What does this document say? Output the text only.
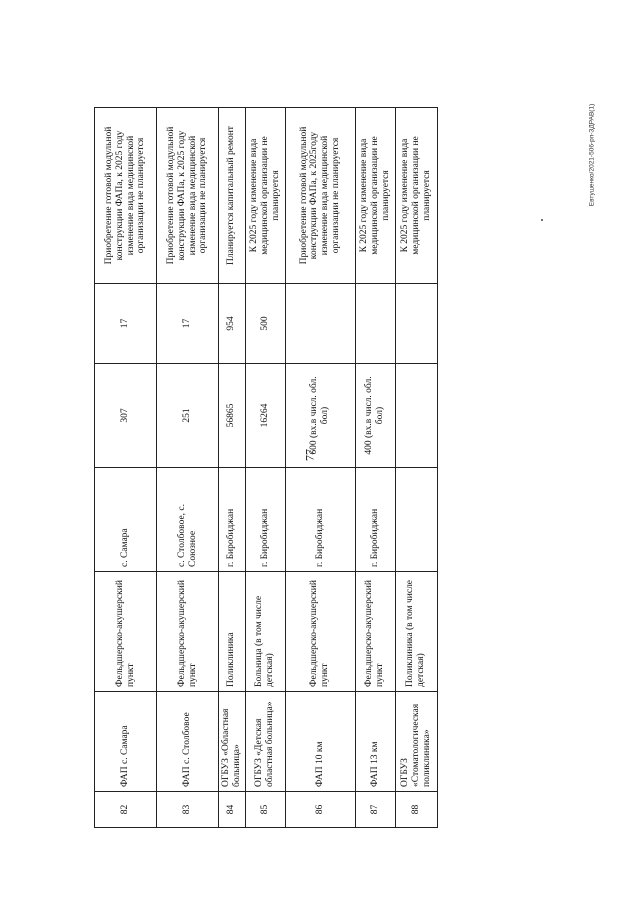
77
Евтушенко/2021-506-рп-ЗДРАВ(1)
82	ФАП с. Самара	Фельдшерско-акушерский пункт	с. Самара	307	17	Приобретение готовой модульной конструкции ФАПа, к 2025 году изменение вида медицинской организации не планируется
83	ФАП с. Столбовое	Фельдшерско-акушерский пункт	с. Столбовое, с. Союзное	251	17	Приобретение готовой модульной конструкции ФАПа, к 2025 году изменение вида медицинской организации не планируется
84	ОГБУЗ «Областная больница»	Поликлиника	г. Биробиджан	56865	954	Планируется капитальный ремонт
85	ОГБУЗ «Детская областная больница»	Больница (в том числе детская)	г. Биробиджан	16264	500	К 2025 году изменение вида медицинской организации не планируется
86	ФАП 10 км	Фельдшерско-акушерский пункт	г. Биробиджан	600 (вх.в числ. обл. бол)		Приобретение готовой модульной конструкции ФАПа, к 2025году изменение вида медицинской организации не планируется
87	ФАП 13 км	Фельдшерско-акушерский пункт	г. Биробиджан	400 (вх.в числ. обл. бол)		К 2025 году изменение вида медицинской организации не планируется
88	ОГБУЗ «Стоматологическая поликлиника»	Поликлиника (в том числе детская)				К 2025 году изменение вида медицинской организации не планируется
